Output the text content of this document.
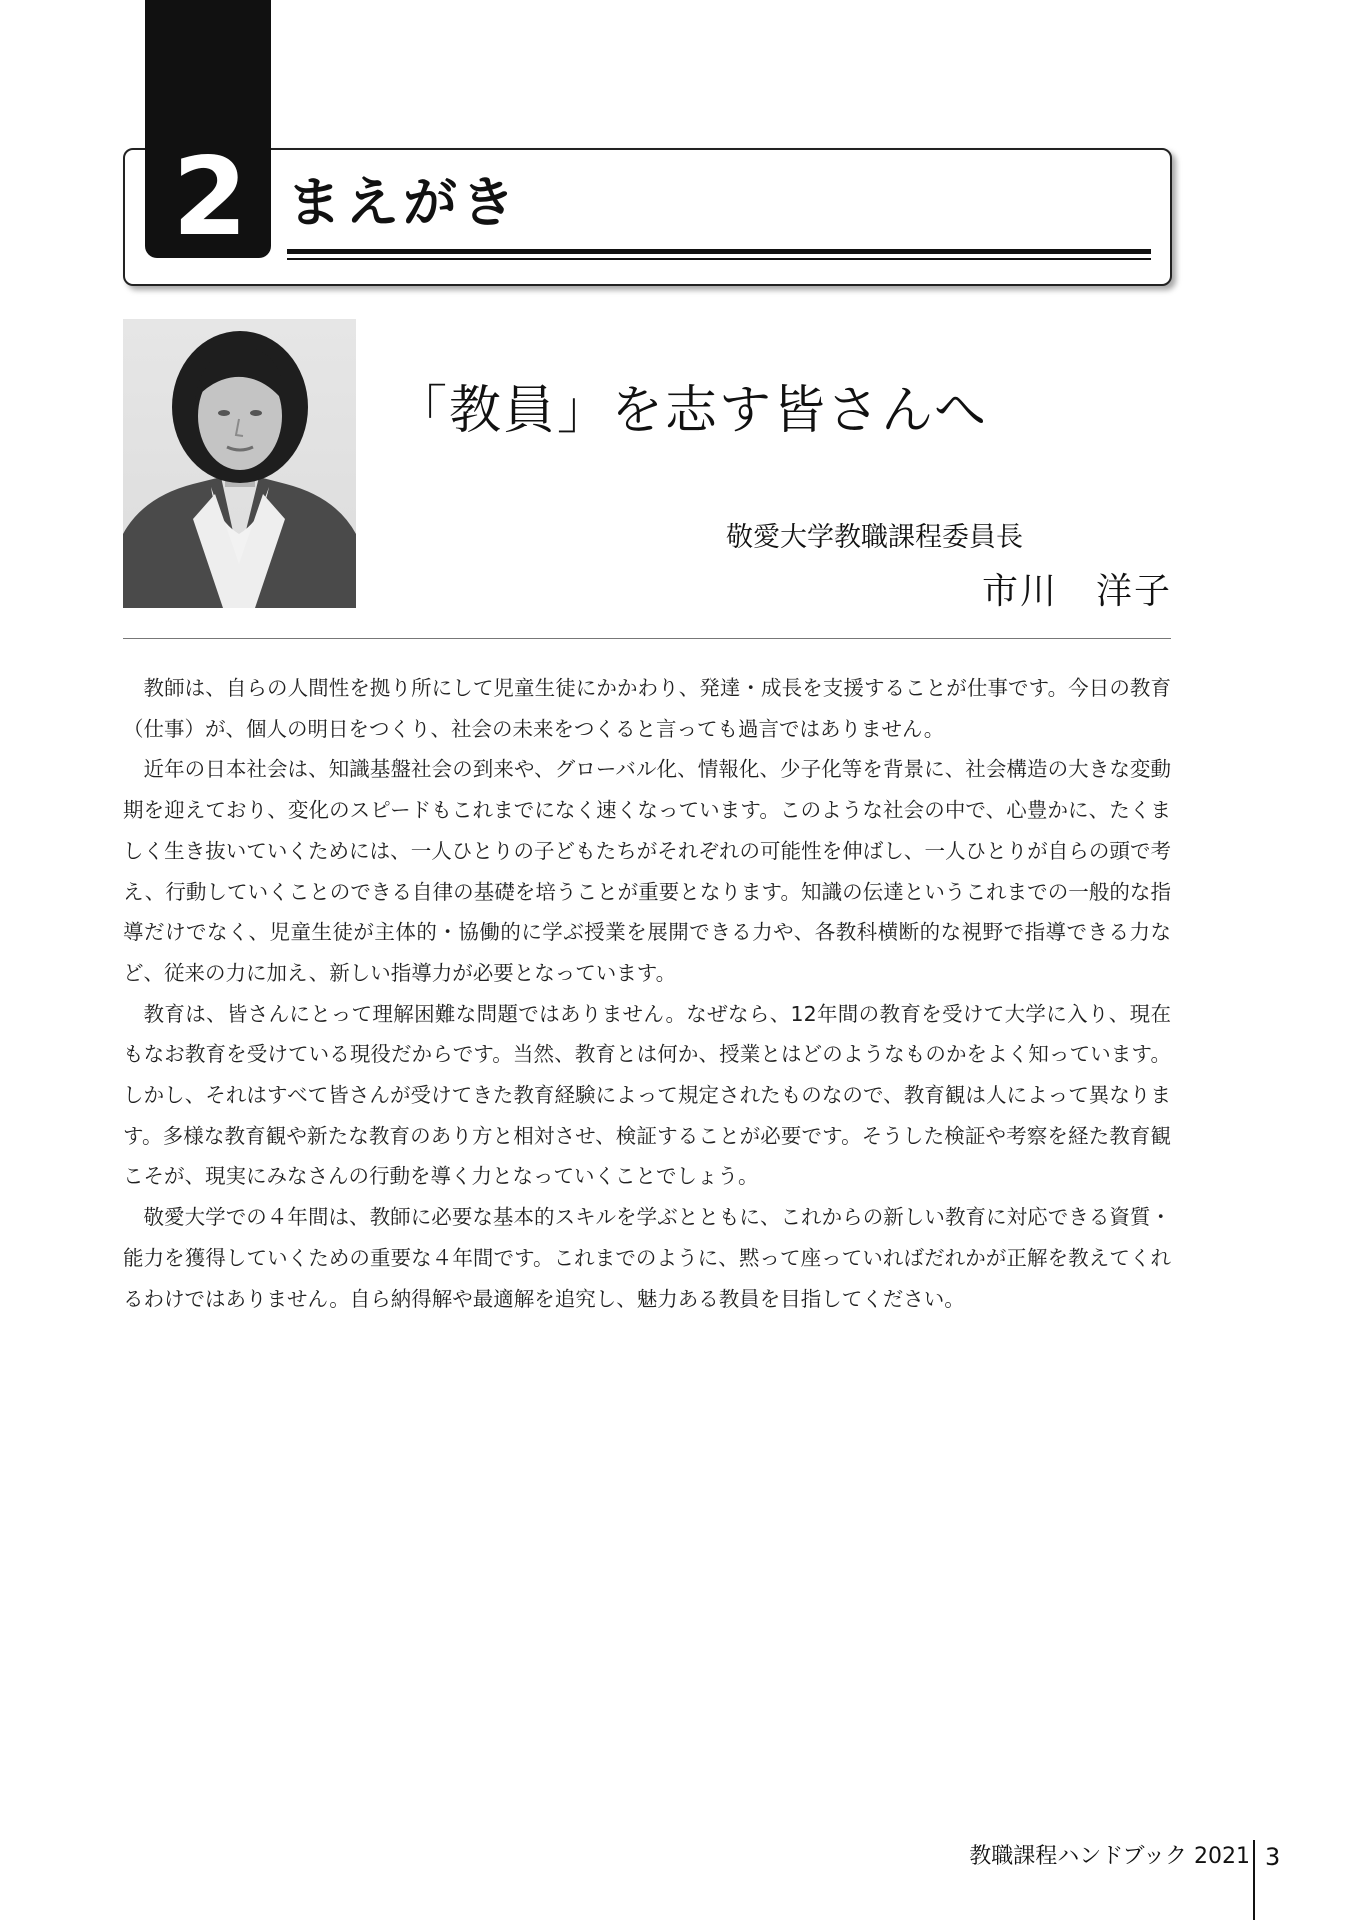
2 まえがき
「教員」を志す皆さんへ
敬愛大学教職課程委員長
市川　洋子

教師は、自らの人間性を拠り所にして児童生徒にかかわり、発達・成長を支援することが仕事です。今日の教育（仕事）が、個人の明日をつくり、社会の未来をつくると言っても過言ではありません。

近年の日本社会は、知識基盤社会の到来や、グローバル化、情報化、少子化等を背景に、社会構造の大きな変動期を迎えており、変化のスピードもこれまでになく速くなっています。このような社会の中で、心豊かに、たくましく生き抜いていくためには、一人ひとりの子どもたちがそれぞれの可能性を伸ばし、一人ひとりが自らの頭で考え、行動していくことのできる自律の基礎を培うことが重要となります。知識の伝達というこれまでの一般的な指導だけでなく、児童生徒が主体的・協働的に学ぶ授業を展開できる力や、各教科横断的な視野で指導できる力など、従来の力に加え、新しい指導力が必要となっています。

教育は、皆さんにとって理解困難な問題ではありません。なぜなら、12年間の教育を受けて大学に入り、現在もなお教育を受けている現役だからです。当然、教育とは何か、授業とはどのようなものかをよく知っています。しかし、それはすべて皆さんが受けてきた教育経験によって規定されたものなので、教育観は人によって異なります。多様な教育観や新たな教育のあり方と相対させ、検証することが必要です。そうした検証や考察を経た教育観こそが、現実にみなさんの行動を導く力となっていくことでしょう。

敬愛大学での４年間は、教師に必要な基本的スキルを学ぶとともに、これからの新しい教育に対応できる資質・能力を獲得していくための重要な４年間です。これまでのように、黙って座っていればだれかが正解を教えてくれるわけではありません。自ら納得解や最適解を追究し、魅力ある教員を目指してください。

教職課程ハンドブック 2021 3
